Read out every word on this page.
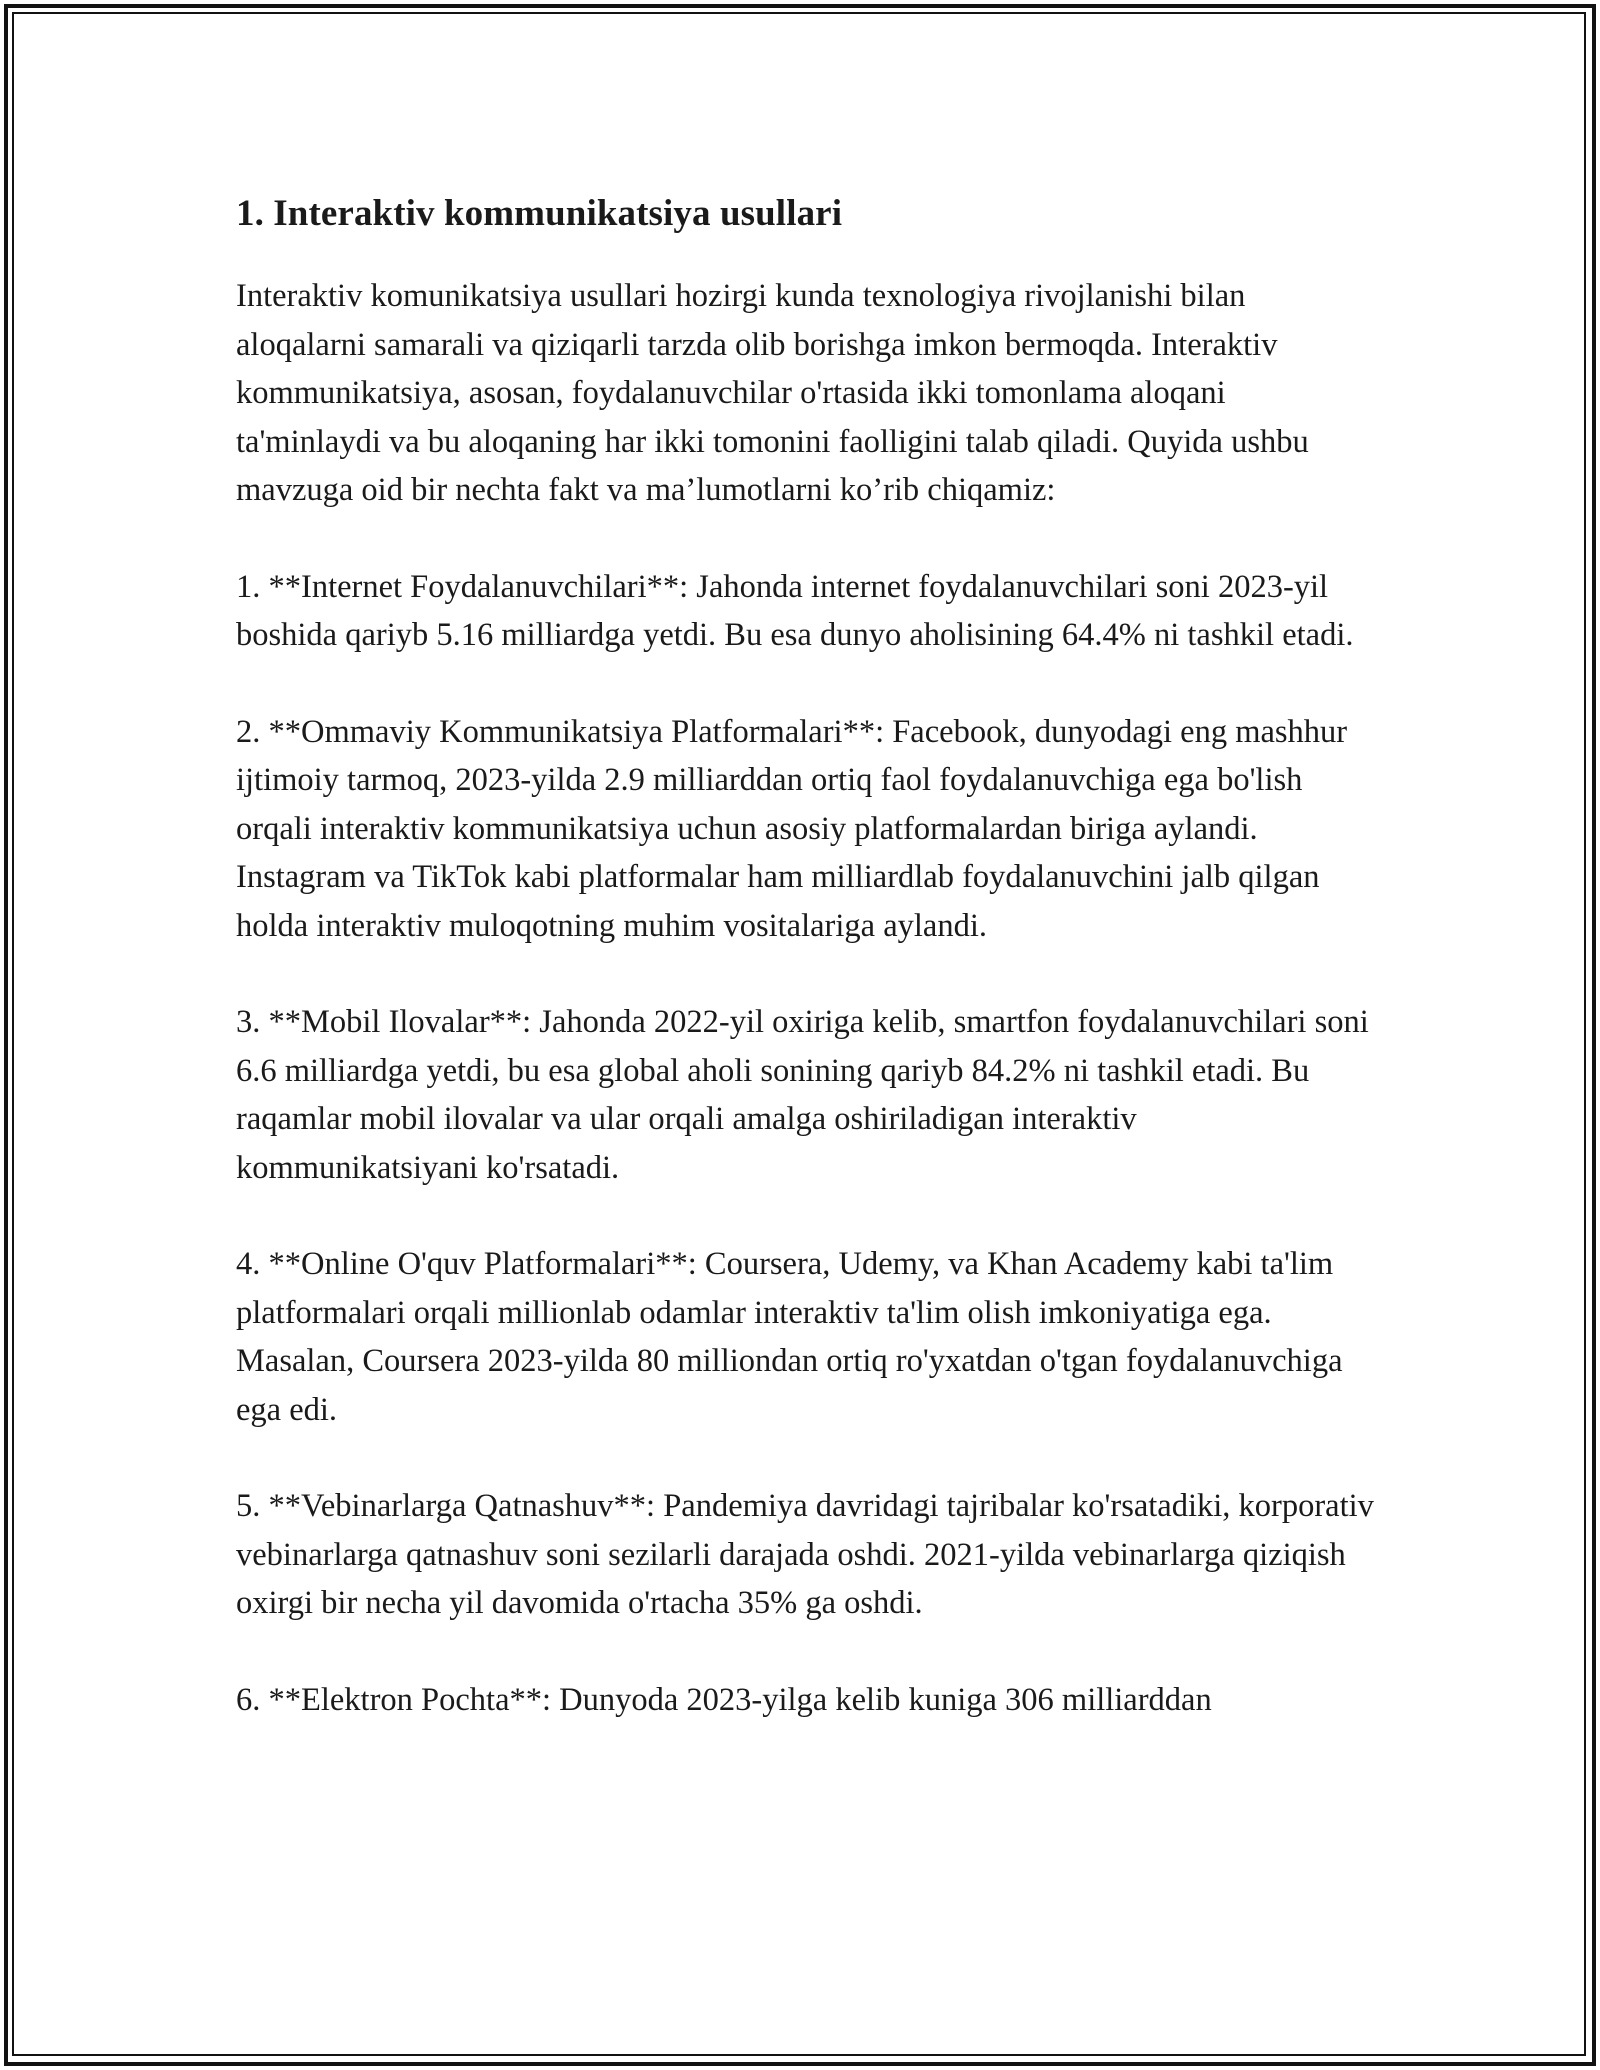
1. Interaktiv kommunikatsiya usullari

Interaktiv komunikatsiya usullari hozirgi kunda texnologiya rivojlanishi bilan aloqalarni samarali va qiziqarli tarzda olib borishga imkon bermoqda. Interaktiv kommunikatsiya, asosan, foydalanuvchilar o'rtasida ikki tomonlama aloqani ta'minlaydi va bu aloqaning har ikki tomonini faolligini talab qiladi. Quyida ushbu mavzuga oid bir nechta fakt va ma’lumotlarni ko’rib chiqamiz:

1. **Internet Foydalanuvchilari**: Jahonda internet foydalanuvchilari soni 2023-yil boshida qariyb 5.16 milliardga yetdi. Bu esa dunyo aholisining 64.4% ni tashkil etadi.

2. **Ommaviy Kommunikatsiya Platformalari**: Facebook, dunyodagi eng mashhur ijtimoiy tarmoq, 2023-yilda 2.9 milliarddan ortiq faol foydalanuvchiga ega bo'lish orqali interaktiv kommunikatsiya uchun asosiy platformalardan biriga aylandi. Instagram va TikTok kabi platformalar ham milliardlab foydalanuvchini jalb qilgan holda interaktiv muloqotning muhim vositalariga aylandi.

3. **Mobil Ilovalar**: Jahonda 2022-yil oxiriga kelib, smartfon foydalanuvchilari soni 6.6 milliardga yetdi, bu esa global aholi sonining qariyb 84.2% ni tashkil etadi. Bu raqamlar mobil ilovalar va ular orqali amalga oshiriladigan interaktiv kommunikatsiyani ko'rsatadi.

4. **Online O'quv Platformalari**: Coursera, Udemy, va Khan Academy kabi ta'lim platformalari orqali millionlab odamlar interaktiv ta'lim olish imkoniyatiga ega. Masalan, Coursera 2023-yilda 80 milliondan ortiq ro'yxatdan o'tgan foydalanuvchiga ega edi.

5. **Vebinarlarga Qatnashuv**: Pandemiya davridagi tajribalar ko'rsatadiki, korporativ vebinarlarga qatnashuv soni sezilarli darajada oshdi. 2021-yilda vebinarlarga qiziqish oxirgi bir necha yil davomida o'rtacha 35% ga oshdi.

6. **Elektron Pochta**: Dunyoda 2023-yilga kelib kuniga 306 milliarddan
